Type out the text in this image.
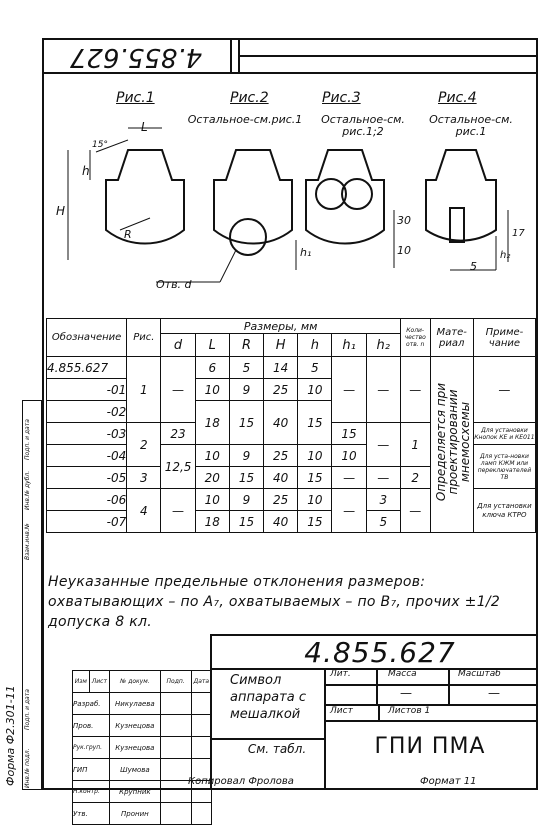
4.855.627
Рис.1	Рис.2	Рис.3	Рис.4
Остальное-см.рис.1	Остальное-см. рис.1;2
Остальное-см. рис.1
L
15°
h
H
R
Отв. d
h₁
30
10
17
h₂
5
Обозначение	Рис.	Размеры, мм							Коли-чество отв. n	Мате-риал	Приме-чание
		d	L	R	H	h	h₁	h₂			
4.855.627	1	—	6	5	14	5	—	—	—	Определяется при проектировании мнемосхемы	—
-01			10	9	25	10					
-02			18	15	40	15					
-03	2	23					15	—	1		Для установки Кнопок КЕ и КЕ011
-04		12,5	10	9	25	10	10				Для уста-новки ламп КЖМ или переключателей ТВ
-05	3		20	15	40	15	—	—	2		
-06	4	—	10	9	25	10	—	3	—		Для установки ключа КТРО
-07			18	15	40	15		5			
Неуказанные предельные отклонения размеров: охватывающих – по A₇, охватываемых – по B₇, прочих ±1/2 допуска 8 кл.
4.855.627
Символ аппарата с мешалкой
См. табл.
Лит.	Масса	Масштаб
—	—
Лист	Листов 1
ГПИ ПМА
Копировал Фролова	Формат 11
Изм	Лист	№ докум.	Подп.	Дата
Разраб.		Никулаева		
Пров.		Кузнецова		
Рук.груп.		Кузнецова		
ГИП		Шумова		
Н.контр.		Крупник		
Утв.		Пронин		
Инв.№ подл.
Подп. и дата
Взам.инв.№
Инв.№ дубл.
Подп. и дата
Форма Ф2.301-11
